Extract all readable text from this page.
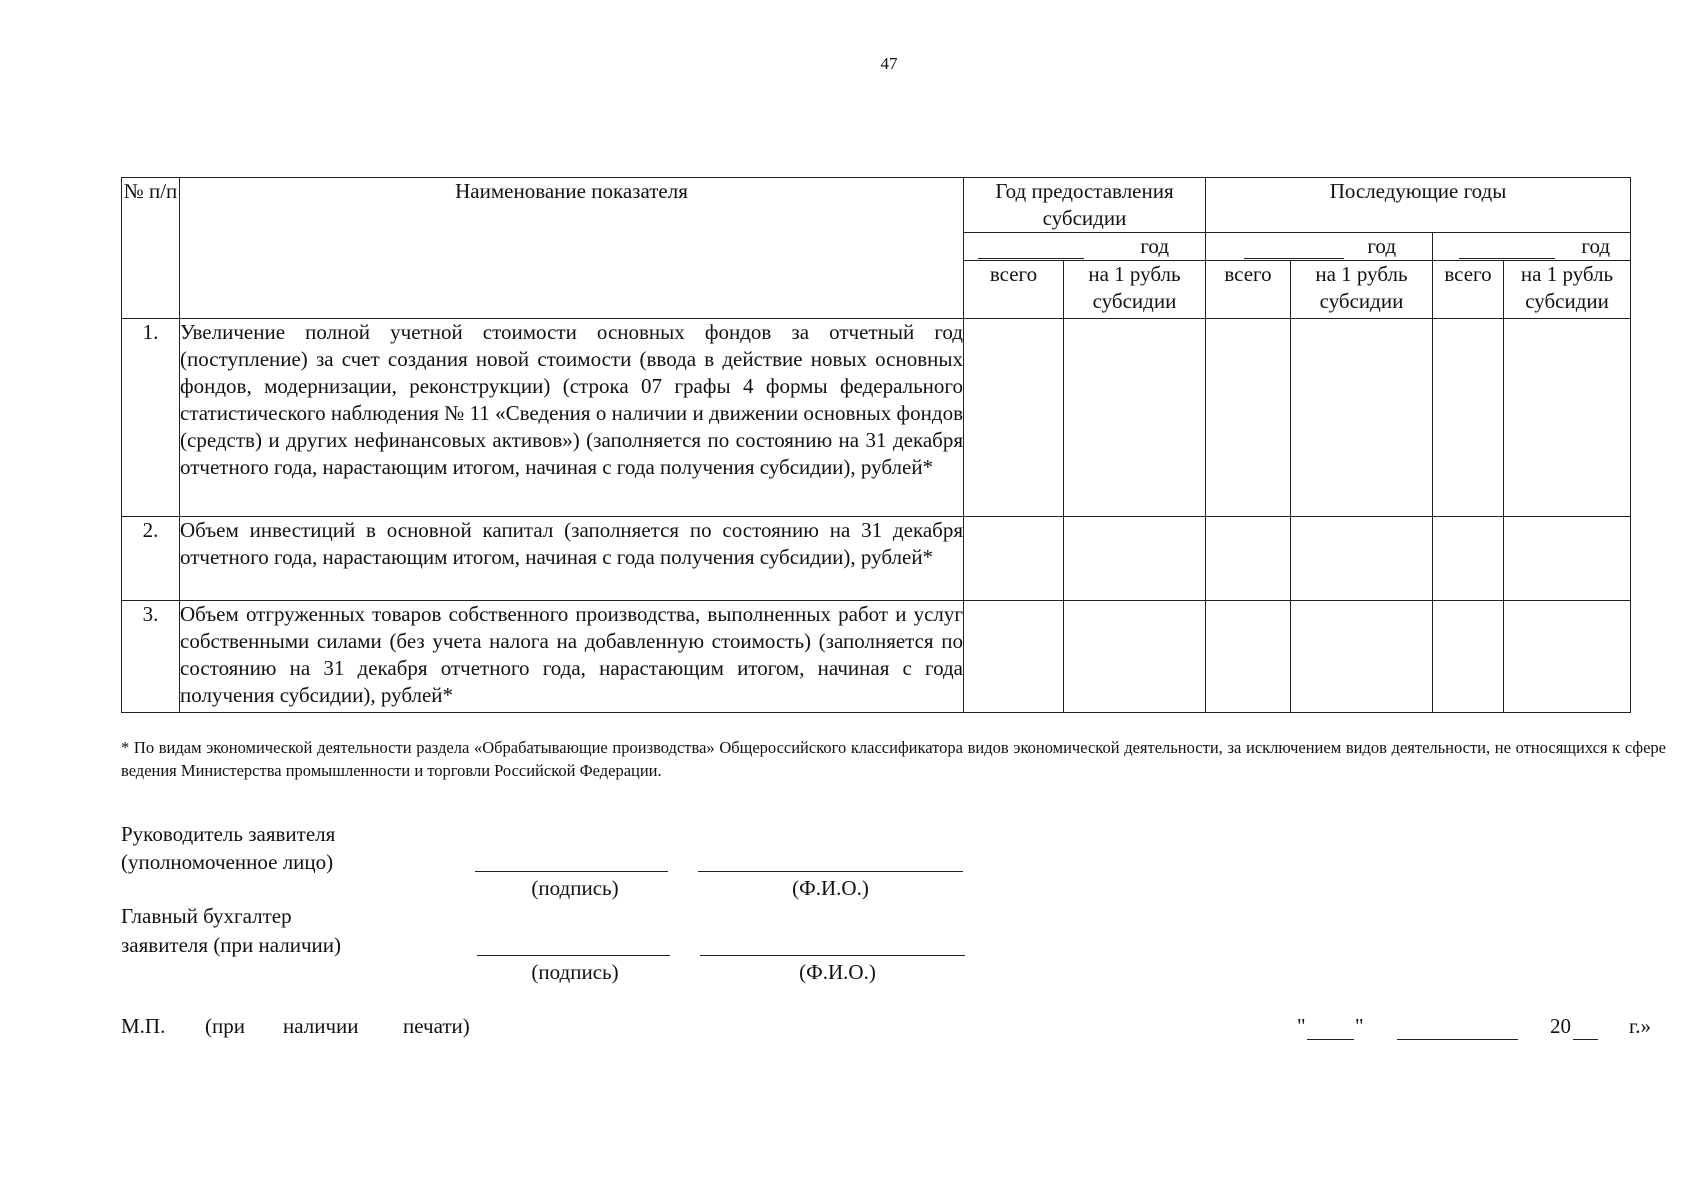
47
№ п/п	Наименование показателя	Год предоставления субсидии		Последующие годы			

		год		год		год	

		всего	на 1 рубль субсидии	всего	на 1 рубль субсидии	всего	на 1 рубль субсидии
1.	Увеличение полной учетной стоимости основных фондов за отчетный год (поступление) за счет создания новой стоимости (ввода в действие новых основных фондов, модернизации, реконструкции) (строка 07 графы 4 формы федерального статистического наблюдения № 11 «Сведения о наличии и движении основных фондов (средств) и других нефинансовых активов») (заполняется по состоянию на 31 декабря отчетного года, нарастающим итогом, начиная с года получения субсидии), рублей*						
2.	Объем инвестиций в основной капитал (заполняется по состоянию на 31 декабря отчетного года, нарастающим итогом, начиная с года получения субсидии), рублей*						
3.	Объем отгруженных товаров собственного производства, выполненных работ и услуг собственными силами (без учета налога на добавленную стоимость) (заполняется по состоянию на 31 декабря отчетного года, нарастающим итогом, начиная с года получения субсидии), рублей*						
* По видам экономической деятельности раздела «Обрабатывающие производства» Общероссийского классификатора видов экономической деятельности, за исключением видов деятельности, не относящихся к сфере ведения Министерства промышленности и торговли Российской Федерации.
Руководитель заявителя
(уполномоченное лицо)
(подпись)	(Ф.И.О.)
Главный бухгалтер
заявителя (при наличии)
(подпись)	(Ф.И.О.)
М.П. (при наличии печати)	" "	20	г.»
